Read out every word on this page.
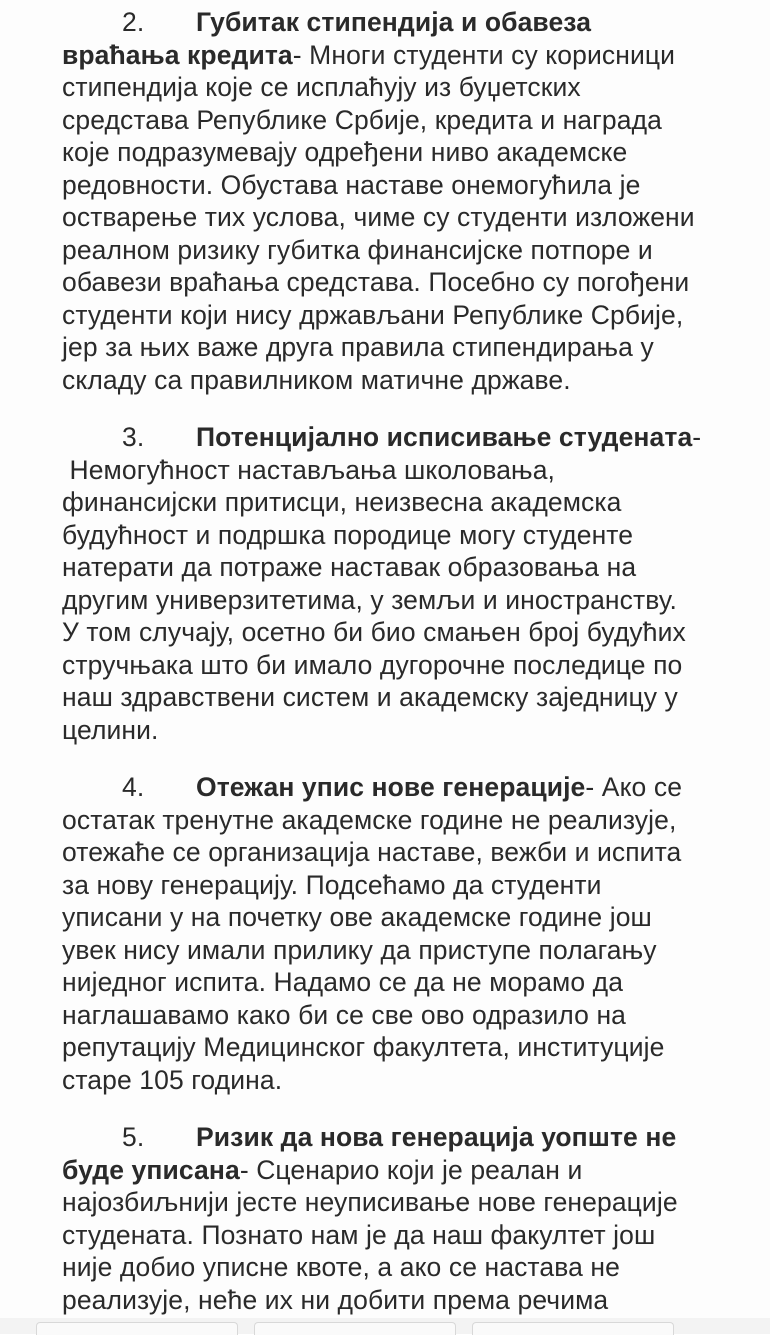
2. Губитак стипендија и обавеза
враћања кредита- Многи студенти су корисници
стипендија које се исплаћују из буџетских
средстава Републике Србије, кредита и награда
које подразумевају одређени ниво академске
редовности. Обустава наставе онемогућила је
остварење тих услова, чиме су студенти изложени
реалном ризику губитка финансијске потпоре и
обавези враћања средстава. Посебно су погођени
студенти који нису држављани Републике Србије,
јер за њих важе друга правила стипендирања у
складу са правилником матичне државе.
3. Потенцијално исписивање студената-
Немогућност настављања школовања,
финансијски притисци, неизвесна академска
будућност и подршка породице могу студенте
натерати да потраже наставак образовања на
другим универзитетима, у земљи и иностранству.
У том случају, осетно би био смањен број будућих
стручњака што би имало дугорочне последице по
наш здравствени систем и академску заједницу у
целини.
4. Отежан упис нове генерације- Ако се
остатак тренутне академске године не реализује,
отежаће се организација наставе, вежби и испита
за нову генерацију. Подсећамо да студенти
уписани у на почетку ове академске године још
увек нису имали прилику да приступе полагању
ниједног испита. Надамо се да не морамо да
наглашавамо како би се све ово одразило на
репутацију Медицинског факултета, институције
старе 105 година.
5. Ризик да нова генерација уопште не
буде уписана- Сценарио који је реалан и
најозбиљнији јесте неуписивање нове генерације
студената. Познато нам је да наш факултет још
није добио уписне квоте, а ако се настава не
реализује, неће их ни добити према речима
